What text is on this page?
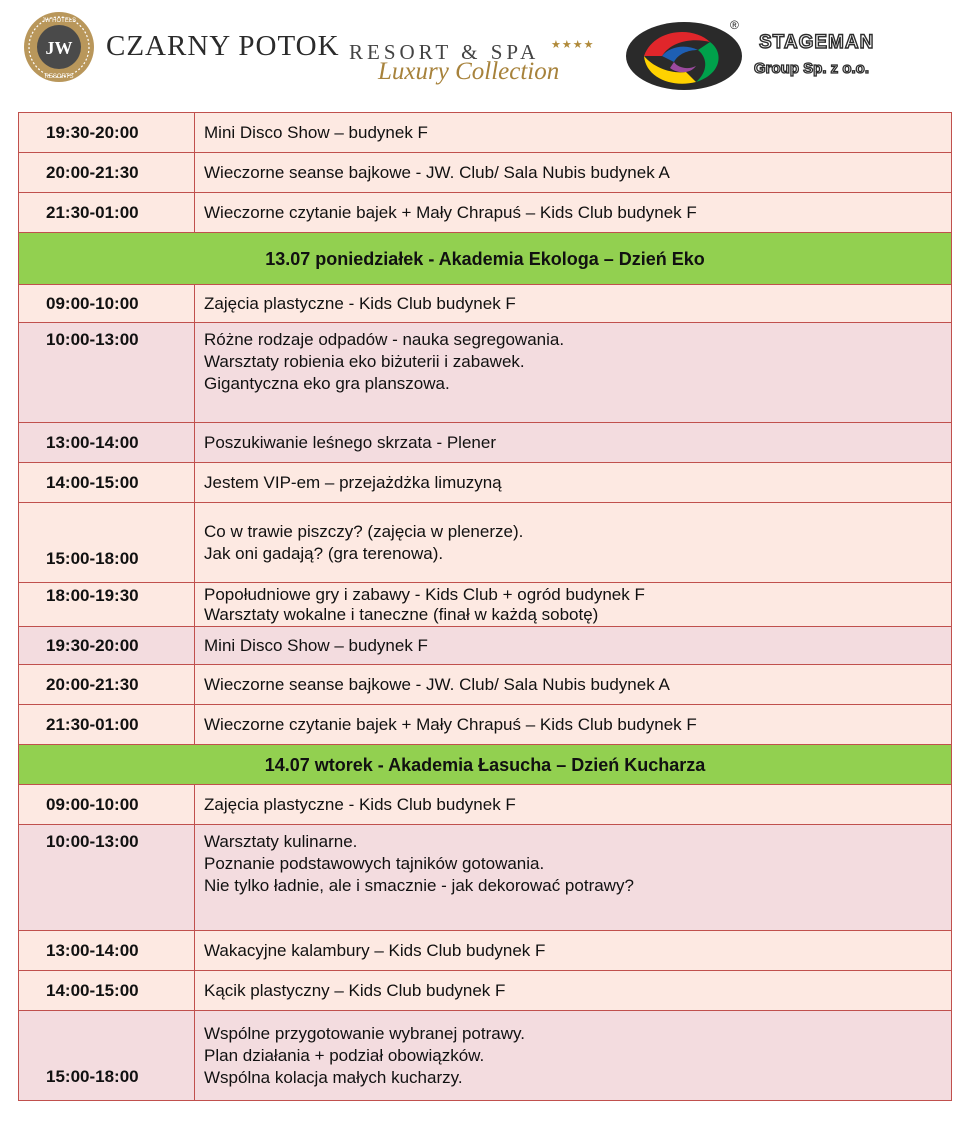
JW
JW HOTELS
RESORTS
CZARNY POTOK RESORT & SPA ★★★★
Luxury Collection
®
STAGEMAN
Group Sp. z o.o.
19:30-20:00	Mini Disco Show – budynek F

20:00-21:30	Wieczorne seanse bajkowe - JW. Club/ Sala Nubis budynek A

21:30-01:00	Wieczorne czytanie bajek + Mały Chrapuś – Kids Club budynek F

13.07 poniedziałek - Akademia Ekologa – Dzień Eko	
09:00-10:00	Zajęcia plastyczne - Kids Club budynek F

10:00-13:00	Różne rodzaje odpadów - nauka segregowania.
Warsztaty robienia eko biżuterii i zabawek.
Gigantyczna eko gra planszowa.

13:00-14:00	Poszukiwanie leśnego skrzata - Plener

14:00-15:00	Jestem VIP-em – przejażdżka limuzyną

15:00-18:00	Co w trawie piszczy? (zajęcia w plenerze).
Jak oni gadają? (gra terenowa).

18:00-19:30	Popołudniowe gry i zabawy - Kids Club + ogród budynek F
Warsztaty wokalne i taneczne (finał w każdą sobotę)

19:30-20:00	Mini Disco Show – budynek F

20:00-21:30	Wieczorne seanse bajkowe - JW. Club/ Sala Nubis budynek A

21:30-01:00	Wieczorne czytanie bajek + Mały Chrapuś – Kids Club budynek F

14.07 wtorek - Akademia Łasucha – Dzień Kucharza	
09:00-10:00	Zajęcia plastyczne - Kids Club budynek F

10:00-13:00	Warsztaty kulinarne.
Poznanie podstawowych tajników gotowania.
Nie tylko ładnie, ale i smacznie - jak dekorować potrawy?

13:00-14:00	Wakacyjne kalambury – Kids Club budynek F

14:00-15:00	Kącik plastyczny – Kids Club budynek F

15:00-18:00	Wspólne przygotowanie wybranej potrawy.
Plan działania + podział obowiązków.
Wspólna kolacja małych kucharzy.
